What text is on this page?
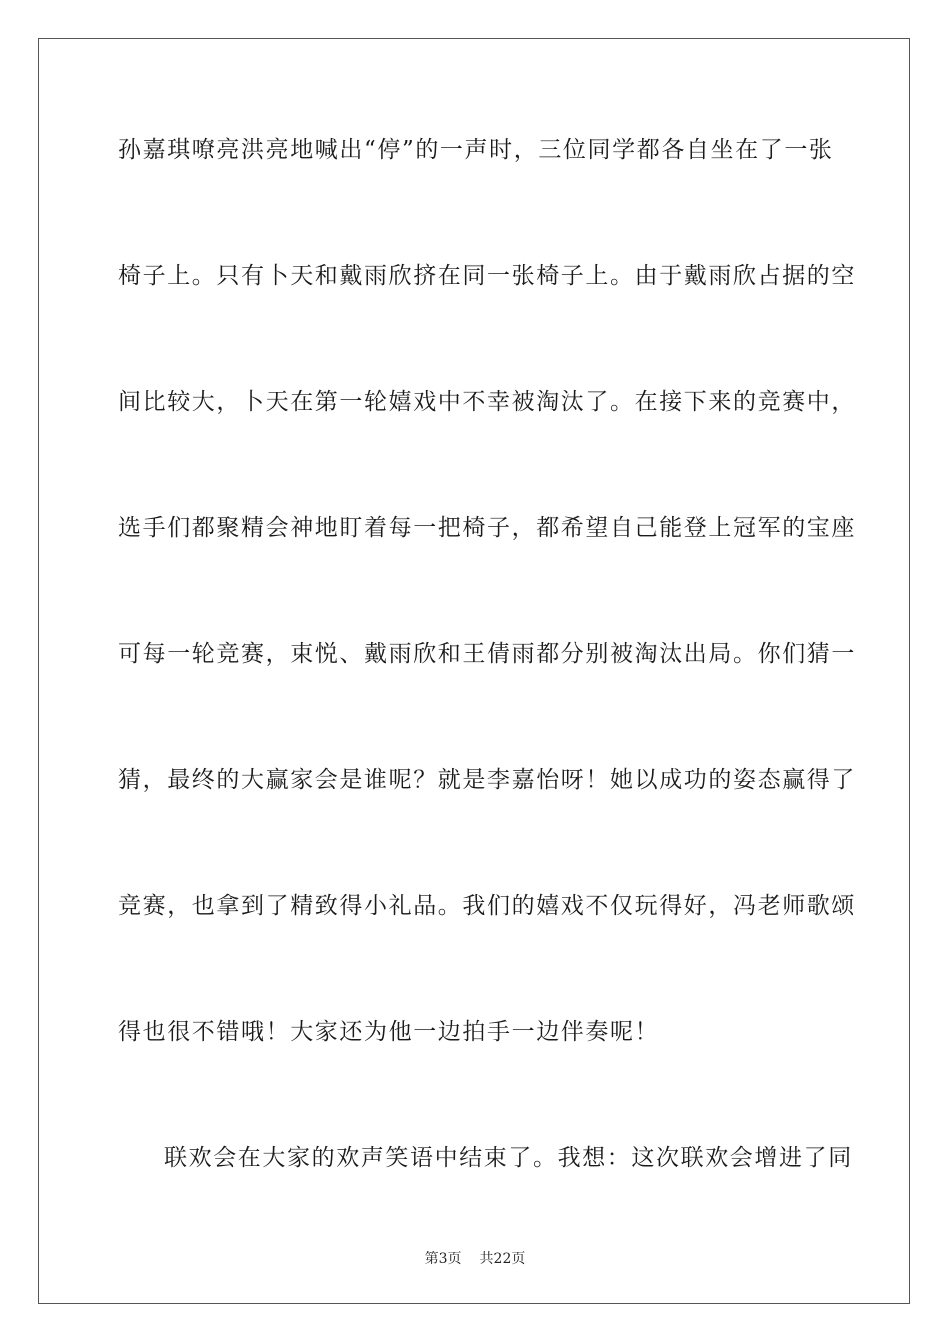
孙嘉琪嘹亮洪亮地喊出“停”的一声时，三位同学都各自坐在了一张
椅子上。只有卜天和戴雨欣挤在同一张椅子上。由于戴雨欣占据的空
间比较大，卜天在第一轮嬉戏中不幸被淘汰了。在接下来的竞赛中，
选手们都聚精会神地盯着每一把椅子，都希望自己能登上冠军的宝座
可每一轮竞赛，束悦、戴雨欣和王倩雨都分别被淘汰出局。你们猜一
猜，最终的大赢家会是谁呢？就是李嘉怡呀！她以成功的姿态赢得了
竞赛，也拿到了精致得小礼品。我们的嬉戏不仅玩得好，冯老师歌颂
得也很不错哦！大家还为他一边拍手一边伴奏呢！
联欢会在大家的欢声笑语中结束了。我想：这次联欢会增进了同
第3页 共22页
